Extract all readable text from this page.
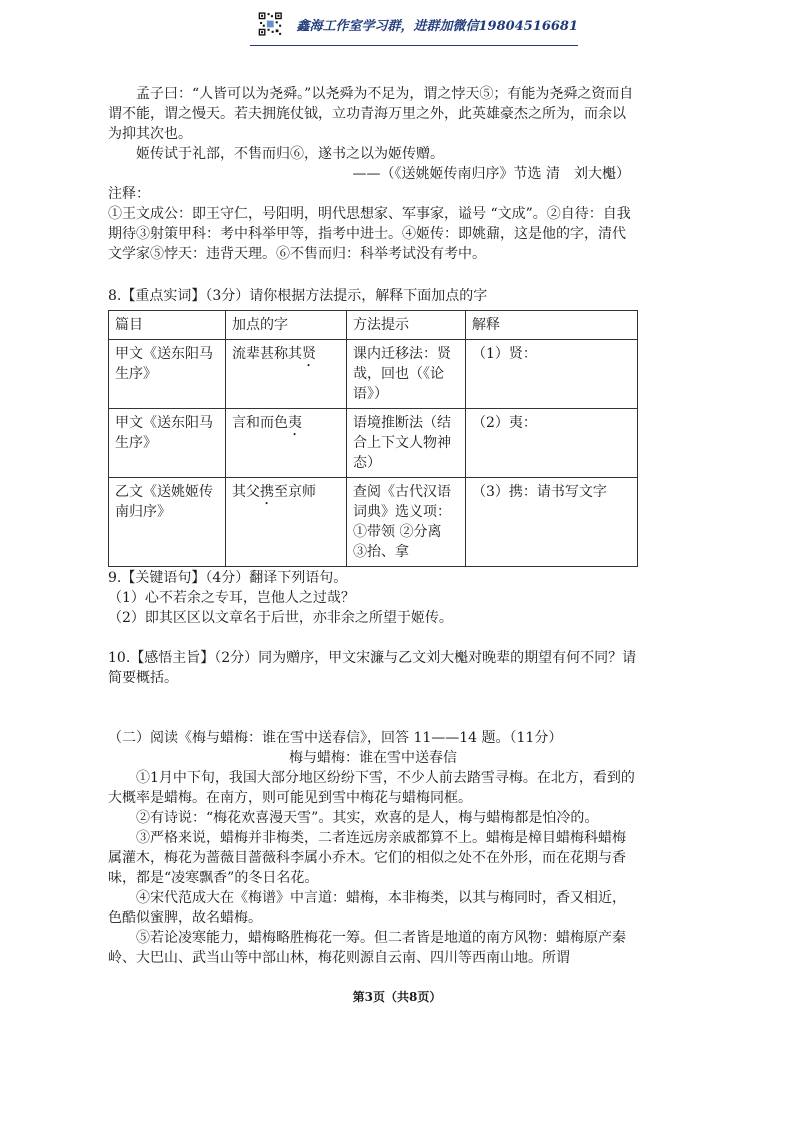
鑫海工作室学习群，进群加微信19804516681

孟子曰：“人皆可以为尧舜。”以尧舜为不足为，谓之悖天⑤；有能为尧舜之资而自谓不能，谓之慢天。若夫拥旄仗钺，立功青海万里之外，此英雄豪杰之所为，而余以为抑其次也。

姬传试于礼部，不售而归⑥，遂书之以为姬传赠。

——（《送姚姬传南归序》节选 清　刘大櫆）

注释：

①王文成公：即王守仁，号阳明，明代思想家、军事家，谥号 “文成”。②自待：自我期待③射策甲科：考中科举甲等，指考中进士。④姬传：即姚鼐，这是他的字，清代文学家⑤悖天：违背天理。⑥不售而归：科举考试没有考中。

8.【重点实词】（3分）请你根据方法提示，解释下面加点的字
篇目	加点的字	方法提示	解释
甲文《送东阳马生序》	流辈甚称其贤	课内迁移法：贤哉，回也（《论语》）	（1）贤：
甲文《送东阳马生序》	言和而色夷	语境推断法（结合上下文人物神态）	（2）夷：
乙文《送姚姬传南归序》	其父携至京师	查阅《古代汉语词典》选义项：①带领 ②分离 ③抬、拿	（3）携：请书写文字

9.【关键语句】（4分）翻译下列语句。

（1）心不若余之专耳，岂他人之过哉？

（2）即其区区以文章名于后世，亦非余之所望于姬传。

10.【感悟主旨】（2分）同为赠序，甲文宋濂与乙文刘大櫆对晚辈的期望有何不同？请简要概括。

（二）阅读《梅与蜡梅：谁在雪中送春信》，回答 11——14 题。（11分）

梅与蜡梅：谁在雪中送春信

①1月中下旬，我国大部分地区纷纷下雪，不少人前去踏雪寻梅。在北方，看到的大概率是蜡梅。在南方，则可能见到雪中梅花与蜡梅同框。

②有诗说：“梅花欢喜漫天雪”。其实，欢喜的是人，梅与蜡梅都是怕冷的。

③严格来说，蜡梅并非梅类，二者连远房亲戚都算不上。蜡梅是樟目蜡梅科蜡梅属灌木，梅花为蔷薇目蔷薇科李属小乔木。它们的相似之处不在外形，而在花期与香味，都是“凌寒飘香”的冬日名花。

④宋代范成大在《梅谱》中言道：蜡梅，本非梅类，以其与梅同时，香又相近，色酷似蜜脾，故名蜡梅。

⑤若论凌寒能力，蜡梅略胜梅花一筹。但二者皆是地道的南方风物：蜡梅原产秦岭、大巴山、武当山等中部山林，梅花则源自云南、四川等西南山地。所谓

第3页（共8页）
